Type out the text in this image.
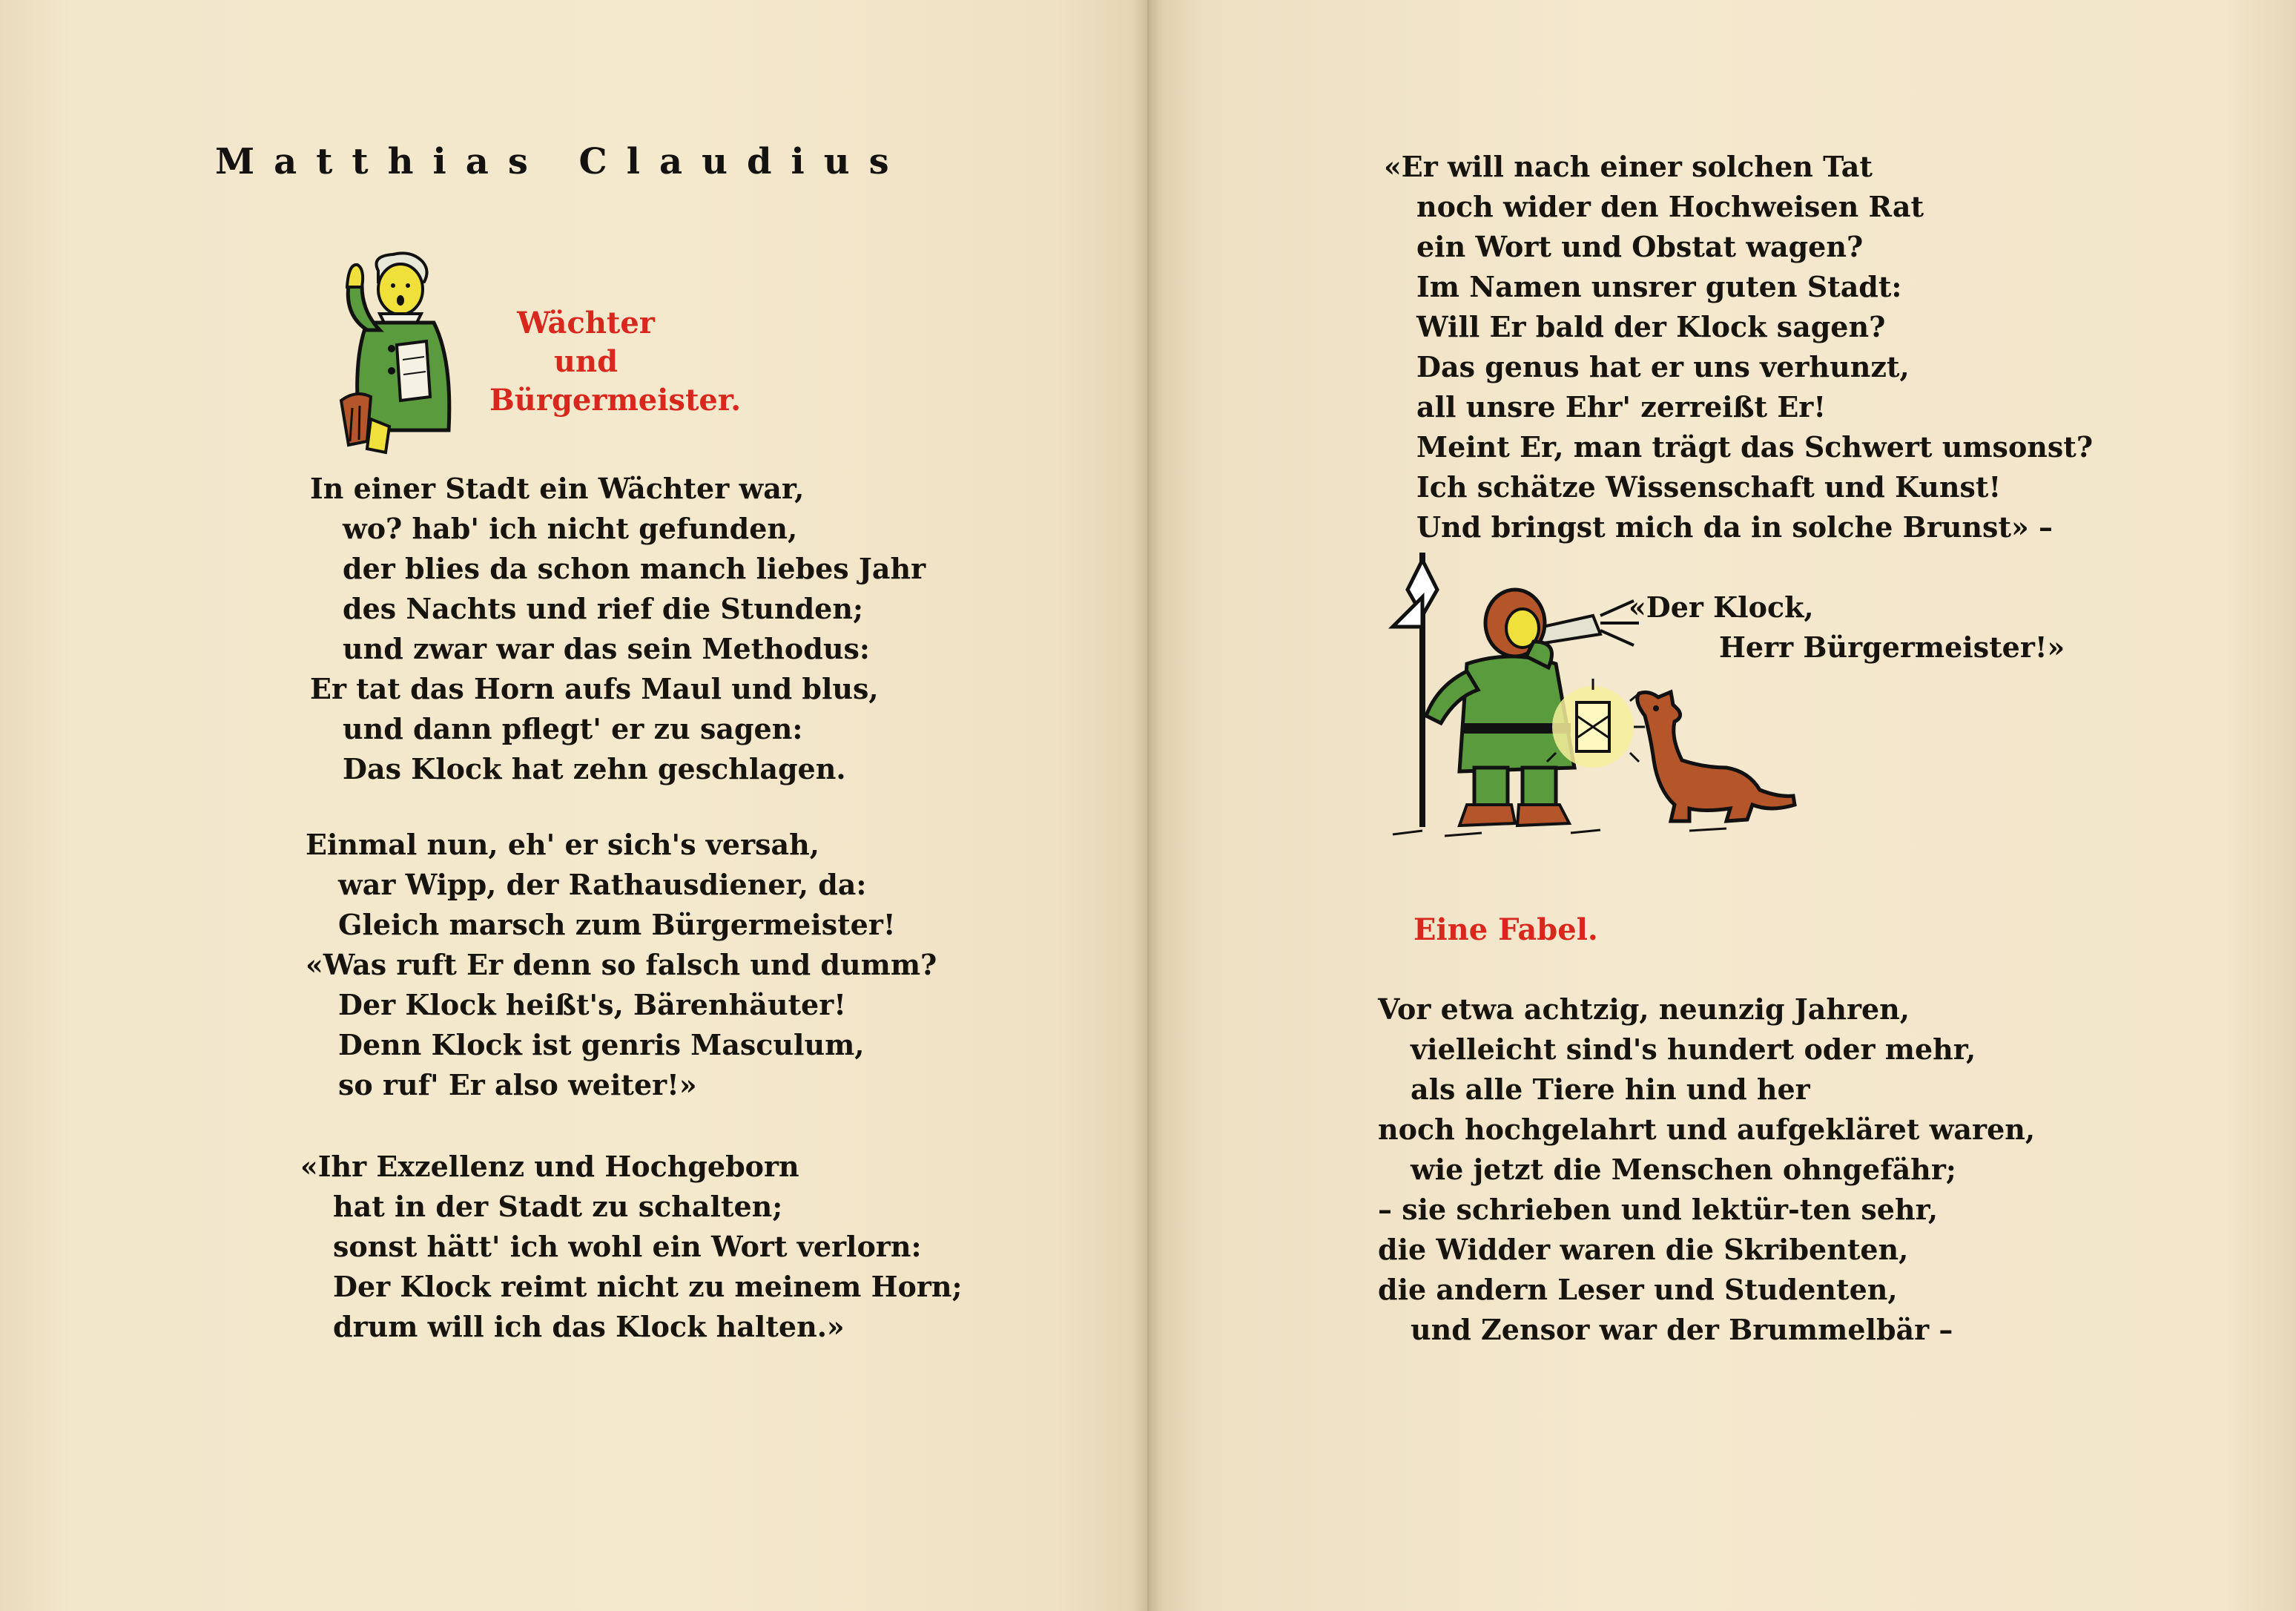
Matthias Claudius
Wächter
und
Bürgermeister.
In einer Stadt ein Wächter war,
wo? hab' ich nicht gefunden,
der blies da schon manch liebes Jahr
des Nachts und rief die Stunden;
und zwar war das sein Methodus:
Er tat das Horn aufs Maul und blus,
und dann pflegt' er zu sagen:
Das Klock hat zehn geschlagen.
Einmal nun, eh' er sich's versah,
war Wipp, der Rathausdiener, da:
Gleich marsch zum Bürgermeister!
«Was ruft Er denn so falsch und dumm?
Der Klock heißt's, Bärenhäuter!
Denn Klock ist genris Masculum,
so ruf' Er also weiter!»
«Ihr Exzellenz und Hochgeborn
hat in der Stadt zu schalten;
sonst hätt' ich wohl ein Wort verlorn:
Der Klock reimt nicht zu meinem Horn;
drum will ich das Klock halten.»
«Er will nach einer solchen Tat
noch wider den Hochweisen Rat
ein Wort und Obstat wagen?
Im Namen unsrer guten Stadt:
Will Er bald der Klock sagen?
Das genus hat er uns verhunzt,
all unsre Ehr' zerreißt Er!
Meint Er, man trägt das Schwert umsonst?
Ich schätze Wissenschaft und Kunst!
Und bringst mich da in solche Brunst» –
«Der Klock,
Herr Bürgermeister!»
Eine Fabel.
Vor etwa achtzig, neunzig Jahren,
vielleicht sind's hundert oder mehr,
als alle Tiere hin und her
noch hochgelahrt und aufgekläret waren,
wie jetzt die Menschen ohngefähr;
– sie schrieben und lektür-ten sehr,
die Widder waren die Skribenten,
die andern Leser und Studenten,
und Zensor war der Brummelbär –
